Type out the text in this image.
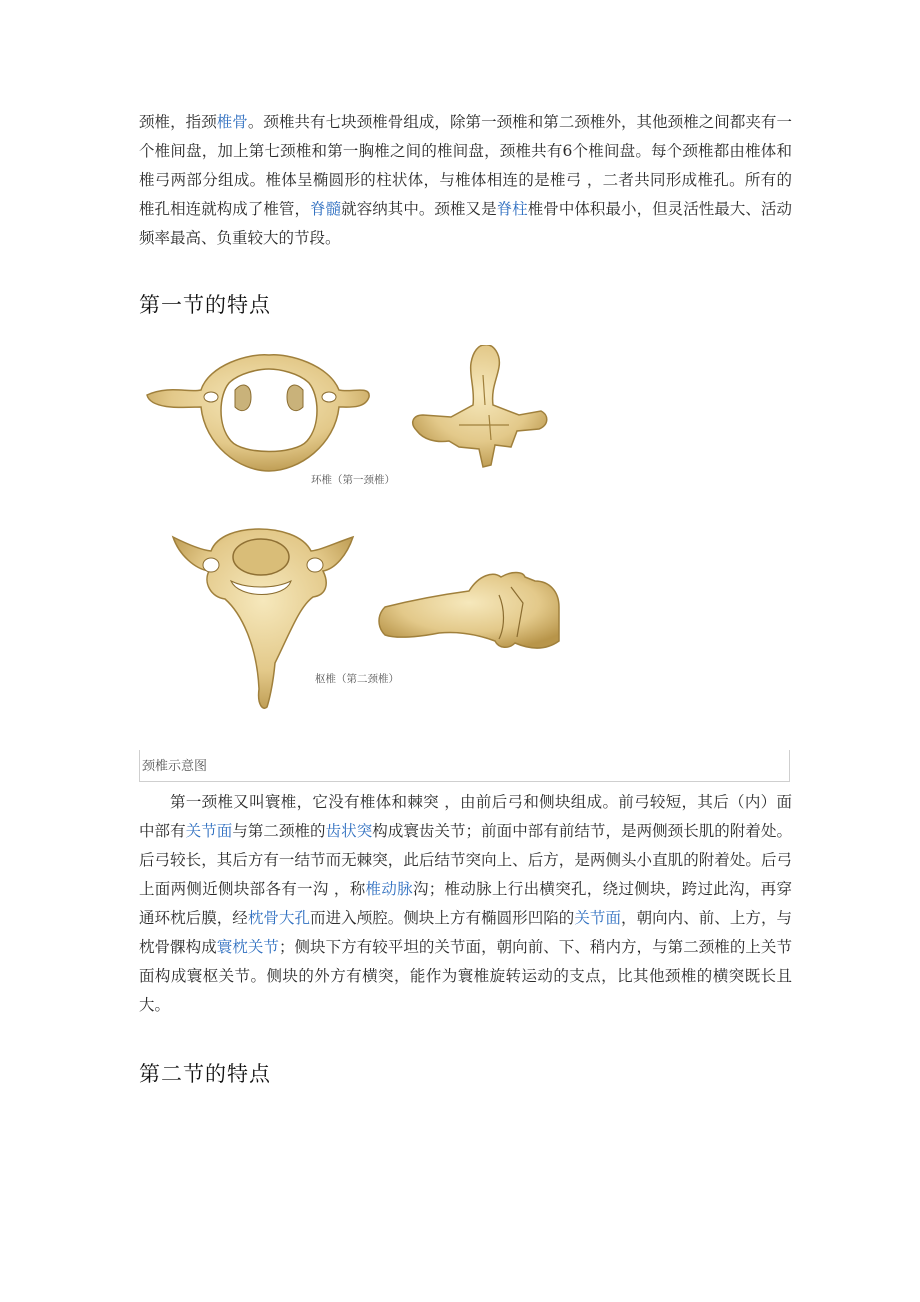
颈椎，指颈椎骨。颈椎共有七块颈椎骨组成，除第一颈椎和第二颈椎外，其他颈椎之间都夹有一个椎间盘，加上第七颈椎和第一胸椎之间的椎间盘，颈椎共有6个椎间盘。每个颈椎都由椎体和椎弓两部分组成。椎体呈椭圆形的柱状体，与椎体相连的是椎弓 ，二者共同形成椎孔。所有的椎孔相连就构成了椎管，脊髓就容纳其中。颈椎又是脊柱椎骨中体积最小，但灵活性最大、活动频率最高、负重较大的节段。

第一节的特点
环椎（第一颈椎）
枢椎（第二颈椎）
颈椎示意图

第一颈椎又叫寰椎，它没有椎体和棘突 ，由前后弓和侧块组成。前弓较短，其后（内）面中部有关节面与第二颈椎的齿状突构成寰齿关节；前面中部有前结节，是两侧颈长肌的附着处。后弓较长，其后方有一结节而无棘突，此后结节突向上、后方，是两侧头小直肌的附着处。后弓上面两侧近侧块部各有一沟 ，称椎动脉沟；椎动脉上行出横突孔，绕过侧块，跨过此沟，再穿通环枕后膜，经枕骨大孔而进入颅腔。侧块上方有椭圆形凹陷的关节面，朝向内、前、上方，与枕骨髁构成寰枕关节；侧块下方有较平坦的关节面，朝向前、下、稍内方，与第二颈椎的上关节面构成寰枢关节。侧块的外方有横突，能作为寰椎旋转运动的支点，比其他颈椎的横突既长且大。

第二节的特点
